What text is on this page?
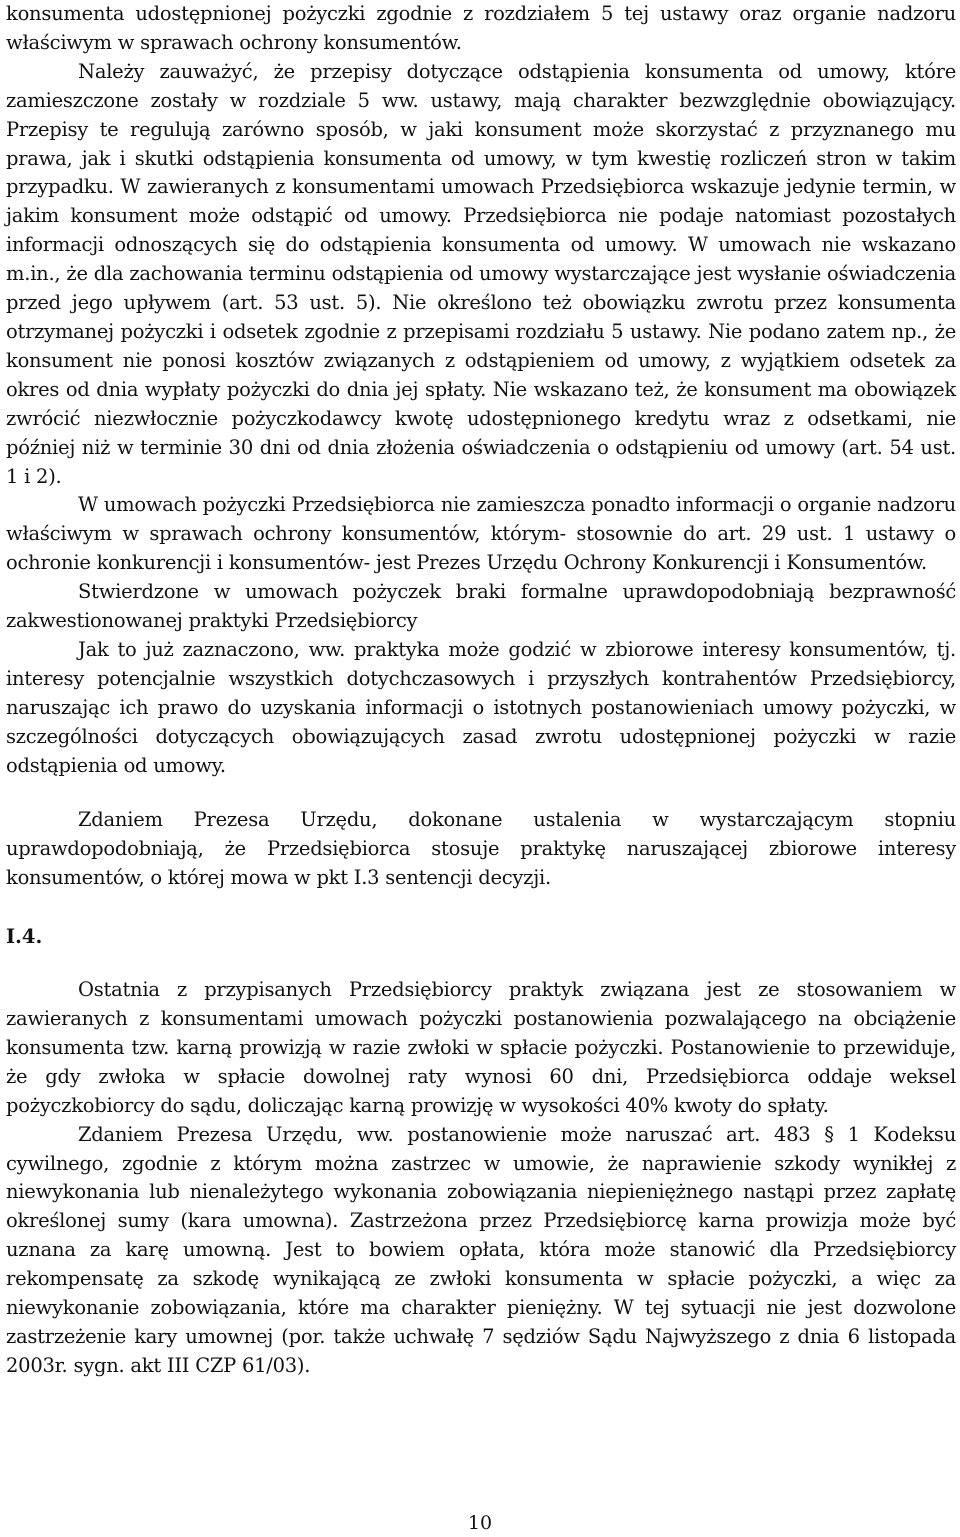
konsumenta udostępnionej pożyczki zgodnie z rozdziałem 5 tej ustawy oraz organie nadzoru właściwym w sprawach ochrony konsumentów.

Należy zauważyć, że przepisy dotyczące odstąpienia konsumenta od umowy, które zamieszczone zostały w rozdziale 5 ww. ustawy, mają charakter bezwzględnie obowiązujący. Przepisy te regulują zarówno sposób, w jaki konsument może skorzystać z przyznanego mu prawa, jak i skutki odstąpienia konsumenta od umowy, w tym kwestię rozliczeń stron w takim przypadku. W zawieranych z konsumentami umowach Przedsiębiorca wskazuje jedynie termin, w jakim konsument może odstąpić od umowy. Przedsiębiorca nie podaje natomiast pozostałych informacji odnoszących się do odstąpienia konsumenta od umowy. W umowach nie wskazano m.in., że dla zachowania terminu odstąpienia od umowy wystarczające jest wysłanie oświadczenia przed jego upływem (art. 53 ust. 5). Nie określono też obowiązku zwrotu przez konsumenta otrzymanej pożyczki i odsetek zgodnie z przepisami rozdziału 5 ustawy. Nie podano zatem np., że konsument nie ponosi kosztów związanych z odstąpieniem od umowy, z wyjątkiem odsetek za okres od dnia wypłaty pożyczki do dnia jej spłaty. Nie wskazano też, że konsument ma obowiązek zwrócić niezwłocznie pożyczkodawcy kwotę udostępnionego kredytu wraz z odsetkami, nie później niż w terminie 30 dni od dnia złożenia oświadczenia o odstąpieniu od umowy (art. 54 ust. 1 i 2).

W umowach pożyczki Przedsiębiorca nie zamieszcza ponadto informacji o organie nadzoru właściwym w sprawach ochrony konsumentów, którym- stosownie do art. 29 ust. 1 ustawy o ochronie konkurencji i konsumentów- jest Prezes Urzędu Ochrony Konkurencji i Konsumentów.

Stwierdzone w umowach pożyczek braki formalne uprawdopodobniają bezprawność zakwestionowanej praktyki Przedsiębiorcy

Jak to już zaznaczono, ww. praktyka może godzić w zbiorowe interesy konsumentów, tj. interesy potencjalnie wszystkich dotychczasowych i przyszłych kontrahentów Przedsiębiorcy, naruszając ich prawo do uzyskania informacji o istotnych postanowieniach umowy pożyczki, w szczególności dotyczących obowiązujących zasad zwrotu udostępnionej pożyczki w razie odstąpienia od umowy.

Zdaniem Prezesa Urzędu, dokonane ustalenia w wystarczającym stopniu uprawdopodobniają, że Przedsiębiorca stosuje praktykę naruszającej zbiorowe interesy konsumentów, o której mowa w pkt I.3 sentencji decyzji.

I.4.

Ostatnia z przypisanych Przedsiębiorcy praktyk związana jest ze stosowaniem w zawieranych z konsumentami umowach pożyczki postanowienia pozwalającego na obciążenie konsumenta tzw. karną prowizją w razie zwłoki w spłacie pożyczki. Postanowienie to przewiduje, że gdy zwłoka w spłacie dowolnej raty wynosi 60 dni, Przedsiębiorca oddaje weksel pożyczkobiorcy do sądu, doliczając karną prowizję w wysokości 40% kwoty do spłaty.

Zdaniem Prezesa Urzędu, ww. postanowienie może naruszać art. 483 § 1 Kodeksu cywilnego, zgodnie z którym można zastrzec w umowie, że naprawienie szkody wynikłej z niewykonania lub nienależytego wykonania zobowiązania niepieniężnego nastąpi przez zapłatę określonej sumy (kara umowna). Zastrzeżona przez Przedsiębiorcę karna prowizja może być uznana za karę umowną. Jest to bowiem opłata, która może stanowić dla Przedsiębiorcy rekompensatę za szkodę wynikającą ze zwłoki konsumenta w spłacie pożyczki, a więc za niewykonanie zobowiązania, które ma charakter pieniężny. W tej sytuacji nie jest dozwolone zastrzeżenie kary umownej (por. także uchwałę 7 sędziów Sądu Najwyższego z dnia 6 listopada 2003r. sygn. akt III CZP 61/03).

10
